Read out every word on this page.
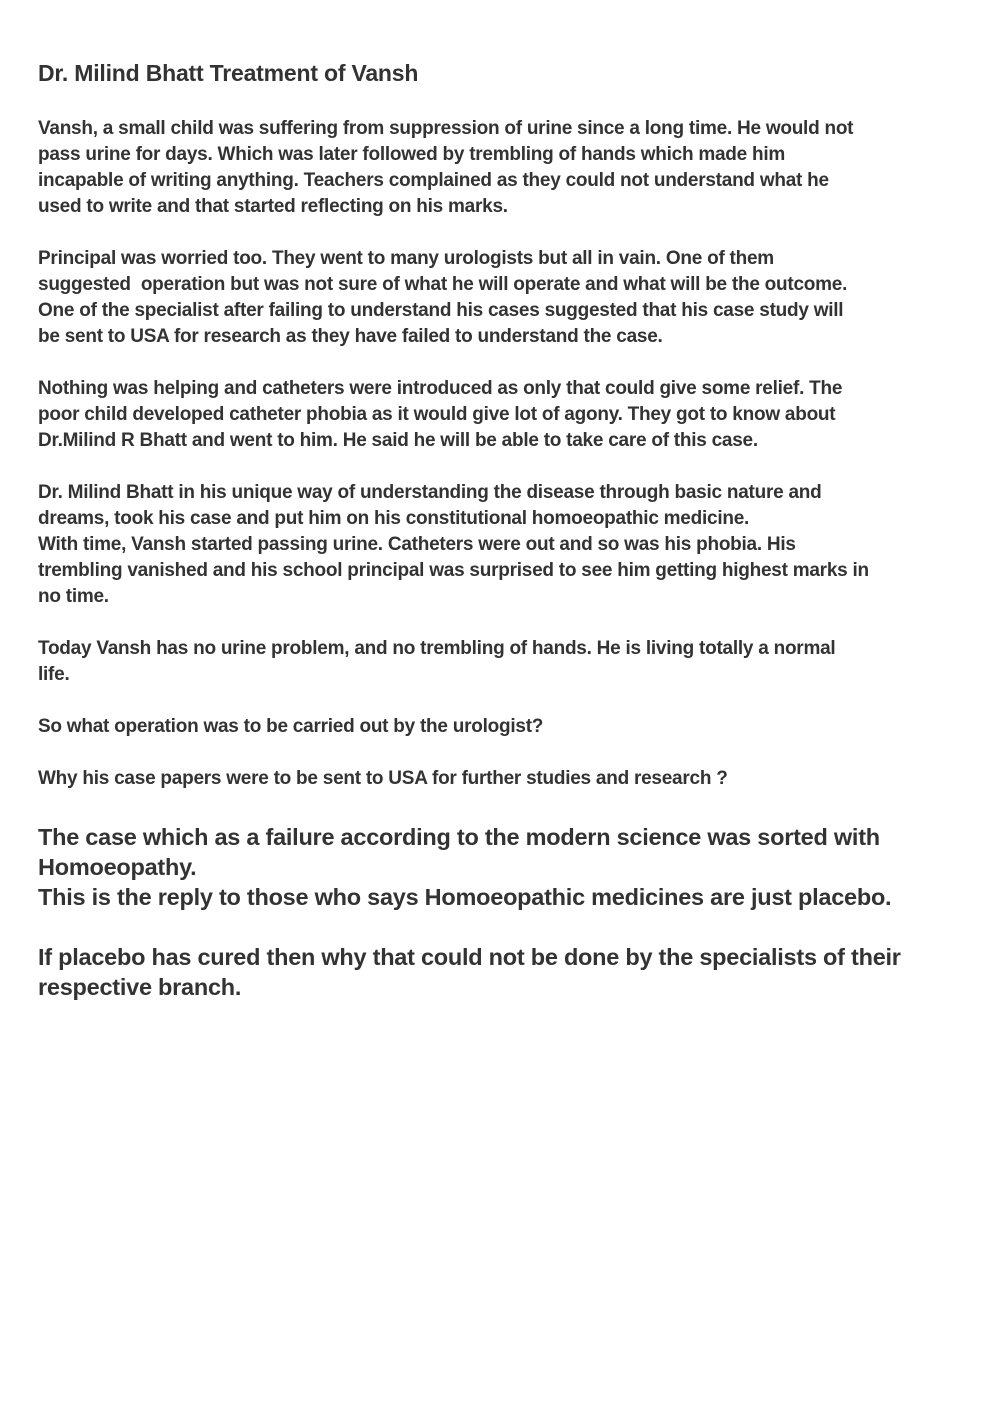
Dr. Milind Bhatt Treatment of Vansh

Vansh, a small child was suffering from suppression of urine since a long time. He would not
pass urine for days. Which was later followed by trembling of hands which made him
incapable of writing anything. Teachers complained as they could not understand what he
used to write and that started reflecting on his marks.

Principal was worried too. They went to many urologists but all in vain. One of them
suggested  operation but was not sure of what he will operate and what will be the outcome.
One of the specialist after failing to understand his cases suggested that his case study will
be sent to USA for research as they have failed to understand the case.

Nothing was helping and catheters were introduced as only that could give some relief. The
poor child developed catheter phobia as it would give lot of agony. They got to know about
Dr.Milind R Bhatt and went to him. He said he will be able to take care of this case.

Dr. Milind Bhatt in his unique way of understanding the disease through basic nature and
dreams, took his case and put him on his constitutional homoeopathic medicine.
With time, Vansh started passing urine. Catheters were out and so was his phobia. His
trembling vanished and his school principal was surprised to see him getting highest marks in
no time.

Today Vansh has no urine problem, and no trembling of hands. He is living totally a normal
life.

So what operation was to be carried out by the urologist?

Why his case papers were to be sent to USA for further studies and research ?

The case which as a failure according to the modern science was sorted with
Homoeopathy.
This is the reply to those who says Homoeopathic medicines are just placebo.

If placebo has cured then why that could not be done by the specialists of their
respective branch.
